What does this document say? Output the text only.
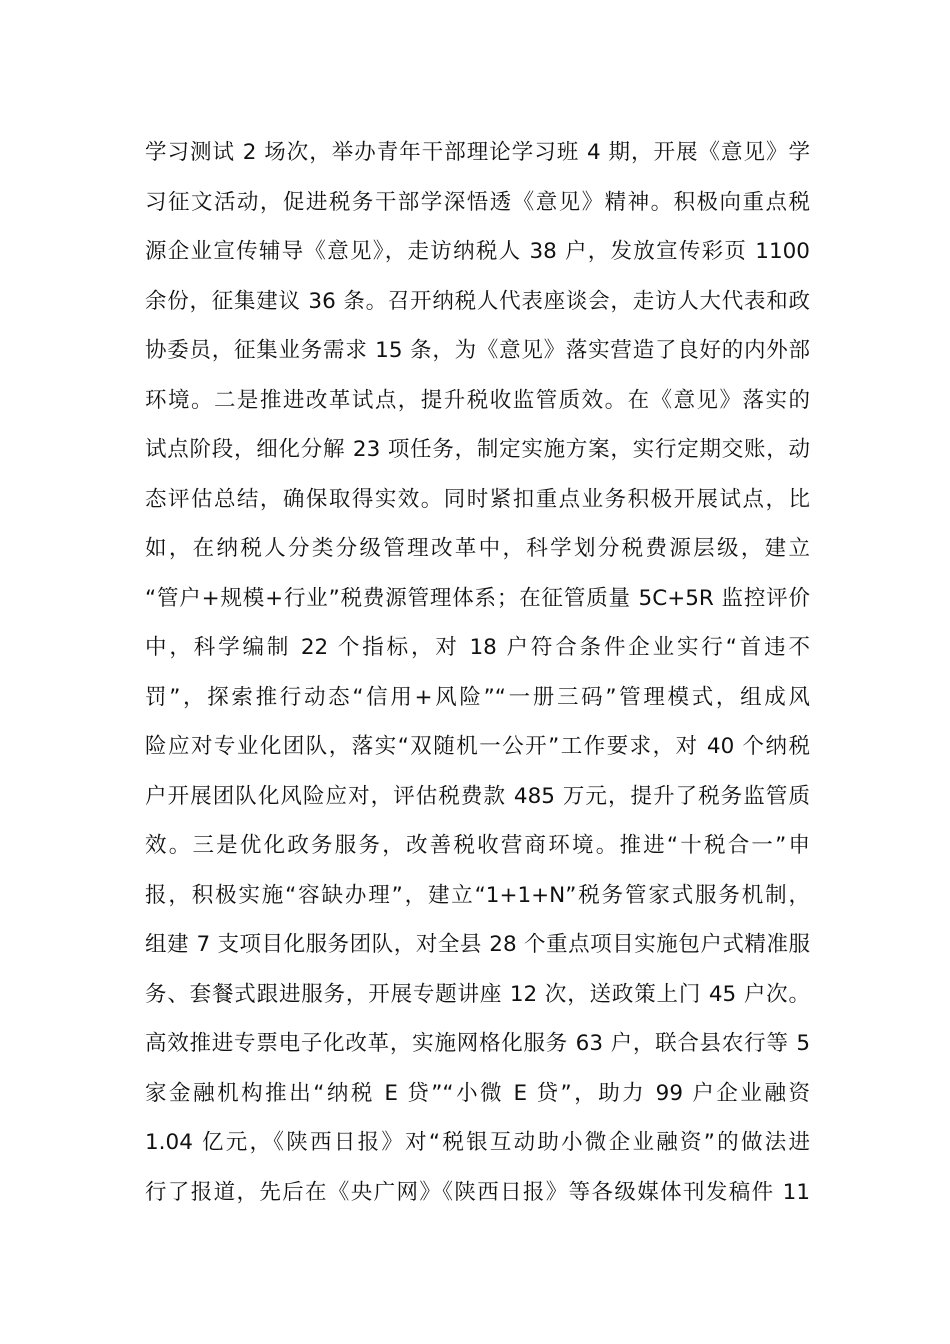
学习测试 2 场次，举办青年干部理论学习班 4 期，开展《意见》学
习征文活动，促进税务干部学深悟透《意见》精神。积极向重点税
源企业宣传辅导《意见》，走访纳税人 38 户，发放宣传彩页 1100
余份，征集建议 36 条。召开纳税人代表座谈会，走访人大代表和政
协委员，征集业务需求 15 条，为《意见》落实营造了良好的内外部
环境。二是推进改革试点，提升税收监管质效。在《意见》落实的
试点阶段，细化分解 23 项任务，制定实施方案，实行定期交账，动
态评估总结，确保取得实效。同时紧扣重点业务积极开展试点，比
如，在纳税人分类分级管理改革中，科学划分税费源层级，建立
“管户+规模+行业”税费源管理体系；在征管质量 5C+5R 监控评价
中，科学编制 22 个指标，对 18 户符合条件企业实行“首违不
罚”，探索推行动态“信用+风险”“一册三码”管理模式，组成风
险应对专业化团队，落实“双随机一公开”工作要求，对 40 个纳税
户开展团队化风险应对，评估税费款 485 万元，提升了税务监管质
效。三是优化政务服务，改善税收营商环境。推进“十税合一”申
报，积极实施“容缺办理”，建立“1+1+N”税务管家式服务机制，
组建 7 支项目化服务团队，对全县 28 个重点项目实施包户式精准服
务、套餐式跟进服务，开展专题讲座 12 次，送政策上门 45 户次。
高效推进专票电子化改革，实施网格化服务 63 户，联合县农行等 5
家金融机构推出“纳税 E 贷”“小微 E 贷”，助力 99 户企业融资
1.04 亿元，《陕西日报》对“税银互动助小微企业融资”的做法进
行了报道，先后在《央广网》《陕西日报》等各级媒体刊发稿件 11
